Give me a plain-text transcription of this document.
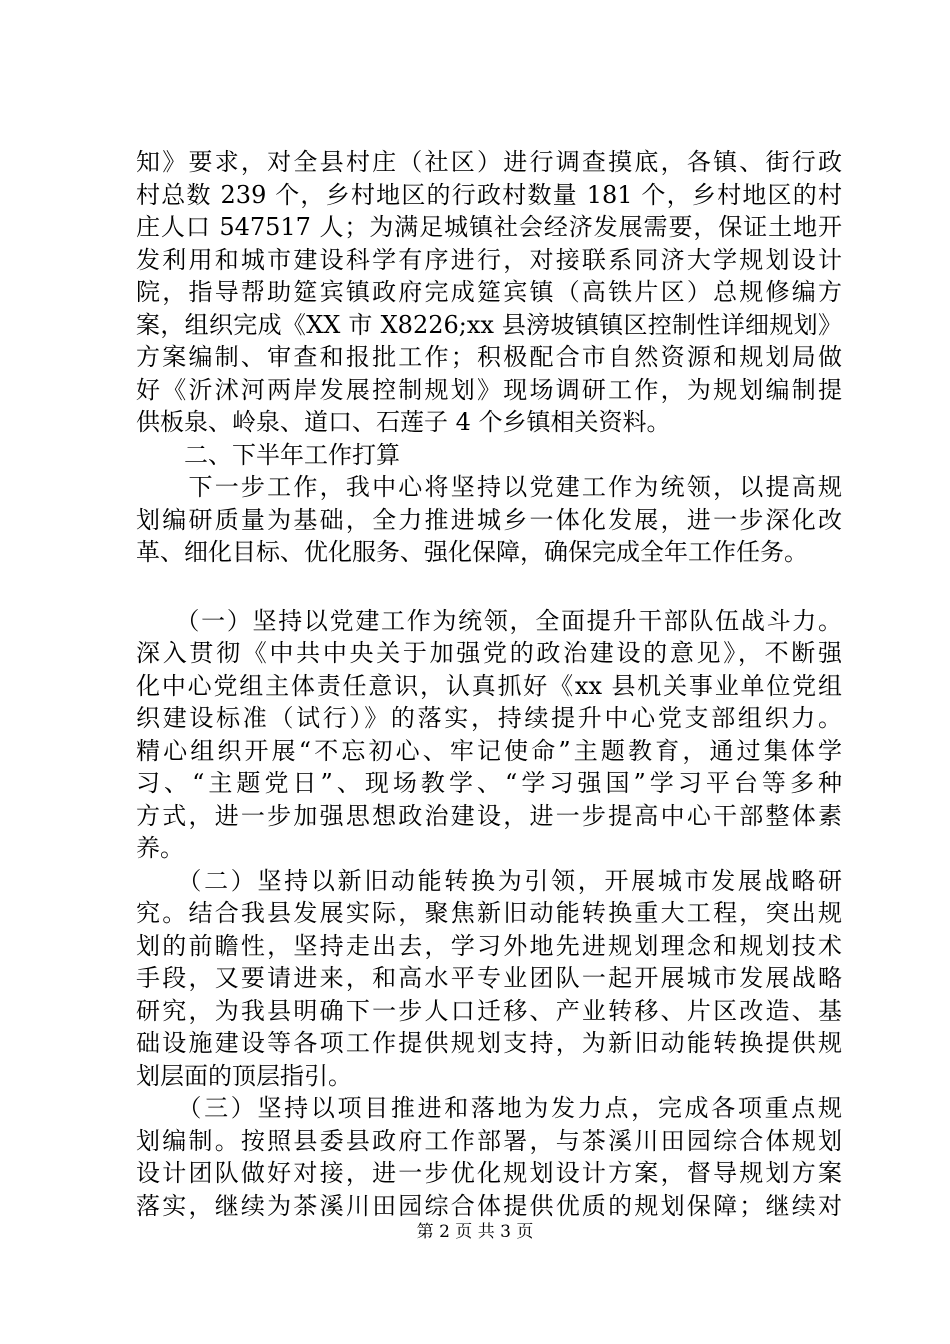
知》要求，对全县村庄（社区）进行调查摸底，各镇、街行政
村总数 239 个，乡村地区的行政村数量 181 个，乡村地区的村
庄人口 547517 人；为满足城镇社会经济发展需要，保证土地开
发利用和城市建设科学有序进行，对接联系同济大学规划设计
院，指导帮助筵宾镇政府完成筵宾镇（高铁片区）总规修编方
案，组织完成《XX 市 X8226;xx 县滂坡镇镇区控制性详细规划》
方案编制、审查和报批工作；积极配合市自然资源和规划局做
好《沂沭河两岸发展控制规划》现场调研工作，为规划编制提
供板泉、岭泉、道口、石莲子 4 个乡镇相关资料。
　　二、下半年工作打算
　　下一步工作，我中心将坚持以党建工作为统领，以提高规
划编研质量为基础，全力推进城乡一体化发展，进一步深化改
革、细化目标、优化服务、强化保障，确保完成全年工作任务。
　　（一）坚持以党建工作为统领，全面提升干部队伍战斗力。
深入贯彻《中共中央关于加强党的政治建设的意见》，不断强
化中心党组主体责任意识，认真抓好《xx 县机关事业单位党组
织建设标准（试行）》的落实，持续提升中心党支部组织力。
精心组织开展“不忘初心、牢记使命”主题教育，通过集体学
习、“主题党日”、现场教学、“学习强国”学习平台等多种
方式，进一步加强思想政治建设，进一步提高中心干部整体素
养。
　　（二）坚持以新旧动能转换为引领，开展城市发展战略研
究。结合我县发展实际，聚焦新旧动能转换重大工程，突出规
划的前瞻性，坚持走出去，学习外地先进规划理念和规划技术
手段，又要请进来，和高水平专业团队一起开展城市发展战略
研究，为我县明确下一步人口迁移、产业转移、片区改造、基
础设施建设等各项工作提供规划支持，为新旧动能转换提供规
划层面的顶层指引。
　　（三）坚持以项目推进和落地为发力点，完成各项重点规
划编制。按照县委县政府工作部署，与茶溪川田园综合体规划
设计团队做好对接，进一步优化规划设计方案，督导规划方案
落实，继续为茶溪川田园综合体提供优质的规划保障；继续对
第 2 页 共 3 页
